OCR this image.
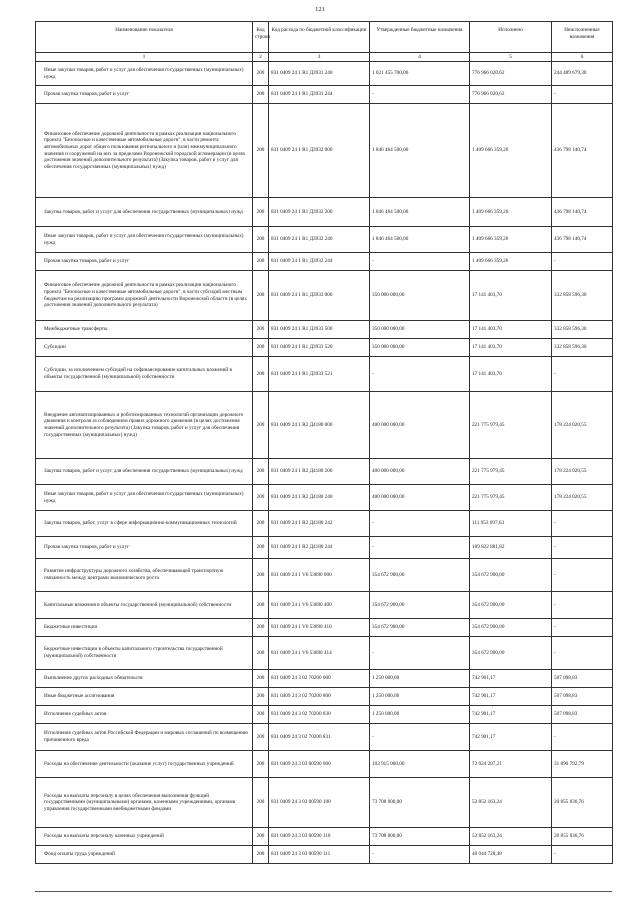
121
Наименование показателя	Код строки	Код расхода по бюджетной классификации	Утвержденные бюджетные назначения	Исполнено	Неисполненные назначения
1	2	3	4	5	6
Иные закупки товаров, работ и услуг для обеспечения государственных (муниципальных) нужд	200	831 0409 24 1 R1 Д3931 240	1 021 455 700,00	776 966 020,62	244 489 679,38
Прочая закупка товаров, работ и услуг	200	831 0409 24 1 R1 Д3931 244	-	776 966 020,62	-
Финансовое обеспечение дорожной деятельности в рамках реализации национального проекта "Безопасные и качественные автомобильные дороги", в части ремонта автомобильных дорог общего пользования регионального и (или) межмуниципального значения и сооружений на них за пределами Воронежской городской агломерации (в целях достижения значений дополнительного результата) (Закупка товаров, работ и услуг для обеспечения государственных (муниципальных) нужд)	200	831 0409 24 1 R1 Д3932 000	1 846 464 500,00	1 409 666 359,26	436 798 140,74
Закупка товаров, работ и услуг для обеспечения государственных (муниципальных) нужд	200	831 0409 24 1 R1 Д3932 200	1 846 464 500,00	1 409 666 359,26	436 798 140,74
Иные закупки товаров, работ и услуг для обеспечения государственных (муниципальных) нужд	200	831 0409 24 1 R1 Д3932 240	1 846 464 500,00	1 409 666 359,26	436 798 140,74
Прочая закупка товаров, работ и услуг	200	831 0409 24 1 R1 Д3932 244	-	1 409 666 359,26	-
Финансовое обеспечение дорожной деятельности в рамках реализации национального проекта "Безопасные и качественные автомобильные дороги", в части субсидий местным бюджетам на реализацию программ дорожной деятельности Воронежской области (в целях достижения значений дополнительного результата)	200	831 0409 24 1 R1 Д3933 000	350 000 000,00	17 141 403,70	332 858 596,30
Межбюджетные трансферты	200	831 0409 24 1 R1 Д3933 500	350 000 000,00	17 141 403,70	332 858 596,30
Субсидии	200	831 0409 24 1 R1 Д3933 520	350 000 000,00	17 141 403,70	332 858 596,30
Субсидии, за исключением субсидий на софинансирование капитальных вложений в объекты государственной (муниципальной) собственности	200	831 0409 24 1 R1 Д3933 521	-	17 141 403,70	-
Внедрение автоматизированных и роботизированных технологий организации дорожного движения и контроля за соблюдением правил дорожного движения (в целях достижения значений дополнительного результата) (Закупка товаров, работ и услуг для обеспечения государственных (муниципальных) нужд)	200	831 0409 24 1 R2 Д4180 000	400 000 000,00	221 775 979,45	178 224 020,55
Закупка товаров, работ и услуг для обеспечения государственных (муниципальных) нужд	200	831 0409 24 1 R2 Д4180 200	400 000 000,00	221 775 979,45	178 224 020,55
Иные закупки товаров, работ и услуг для обеспечения государственных (муниципальных) нужд	200	831 0409 24 1 R2 Д4180 240	400 000 000,00	221 775 979,45	178 224 020,55
Закупка товаров, работ, услуг в сфере информационно-коммуникационных технологий	200	831 0409 24 1 R2 Д4180 242	-	111 953 097,63	-
Прочая закупка товаров, работ и услуг	200	831 0409 24 1 R2 Д4180 244	-	109 822 881,82	-
Развитие инфраструктуры дорожного хозяйства, обеспечивающей транспортную связанность между центрами экономического роста	200	831 0409 24 1 V6 53890 000	354 672 900,00	354 672 900,00	-
Капитальные вложения в объекты государственной (муниципальной) собственности	200	831 0409 24 1 V6 53890 400	354 672 900,00	354 672 900,00	-
Бюджетные инвестиции	200	831 0409 24 1 V6 53890 410	354 672 900,00	354 672 900,00	-
Бюджетные инвестиции в объекты капитального строительства государственной (муниципальной) собственности	200	831 0409 24 1 V6 53890 414	-	354 672 900,00	-
Выполнение других расходных обязательств	200	831 0409 24 3 02 70200 000	1 250 000,00	742 901,17	507 098,83
Иные бюджетные ассигнования	200	831 0409 24 3 02 70200 800	1 250 000,00	742 901,17	507 098,83
Исполнение судебных актов	200	831 0409 24 3 02 70200 830	1 250 000,00	742 901,17	507 098,83
Исполнение судебных актов Российской Федерации и мировых соглашений по возмещению причиненного вреда	200	831 0409 24 3 02 70200 831	-	742 901,17	-
Расходы на обеспечение деятельности (оказание услуг) государственных учреждений	200	831 0409 24 3 03 00590 000	103 915 000,00	72 024 207,21	31 890 792,79
Расходы на выплаты персоналу в целях обеспечения выполнения функций государственными (муниципальными) органами, казенными учреждениями, органами управления государственными внебюджетными фондами	200	831 0409 24 3 03 00590 100	73 708 000,00	52 852 163,24	20 855 836,76
Расходы на выплаты персоналу казенных учреждений	200	831 0409 24 3 03 00590 110	73 708 000,00	52 852 163,24	20 855 836,76
Фонд оплаты труда учреждений	200	831 0409 24 3 03 00590 111	-	40 044 728,48	-
